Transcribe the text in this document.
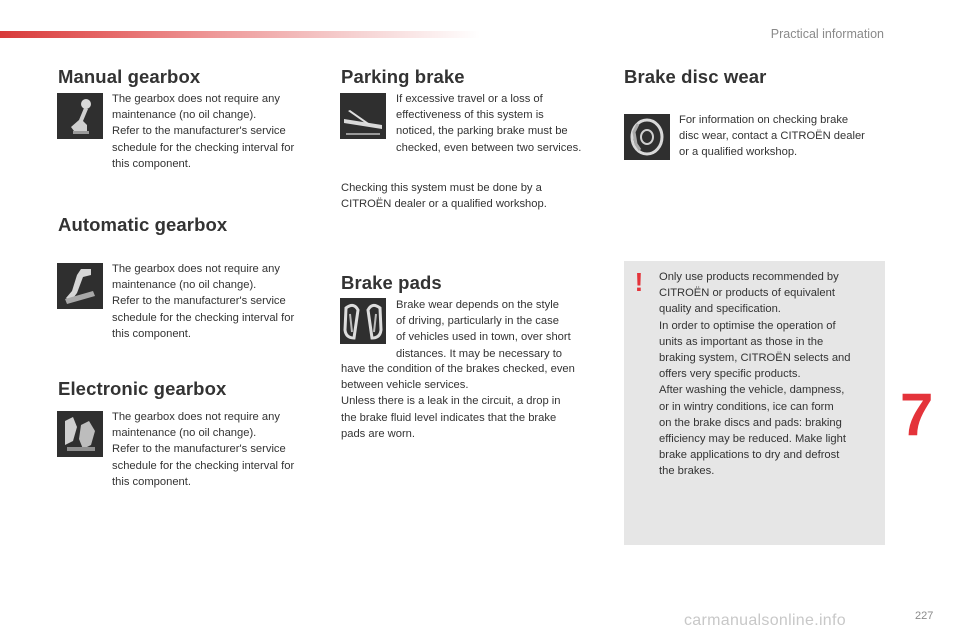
Practical information
Manual gearbox

The gearbox does not require any
maintenance (no oil change).
Refer to the manufacturer's service
schedule for the checking interval for
this component.

Automatic gearbox

The gearbox does not require any
maintenance (no oil change).
Refer to the manufacturer's service
schedule for the checking interval for
this component.

Electronic gearbox

The gearbox does not require any
maintenance (no oil change).
Refer to the manufacturer's service
schedule for the checking interval for
this component.

Parking brake

If excessive travel or a loss of
effectiveness of this system is
noticed, the parking brake must be
checked, even between two services.

Checking this system must be done by a
CITROËN dealer or a qualified workshop.

Brake pads

Brake wear depends on the style
of driving, particularly in the case
of vehicles used in town, over short
distances. It may be necessary to

have the condition of the brakes checked, even
between vehicle services.
Unless there is a leak in the circuit, a drop in
the brake fluid level indicates that the brake
pads are worn.

Brake disc wear

For information on checking brake
disc wear, contact a CITROËN dealer
or a qualified workshop.

! Only use products recommended by
CITROËN or products of equivalent
quality and specification.
In order to optimise the operation of
units as important as those in the
braking system, CITROËN selects and
offers very specific products.
After washing the vehicle, dampness,
or in wintry conditions, ice can form
on the brake discs and pads: braking
efficiency may be reduced. Make light
brake applications to dry and defrost
the brakes.

7
227
carmanualsonline.info
